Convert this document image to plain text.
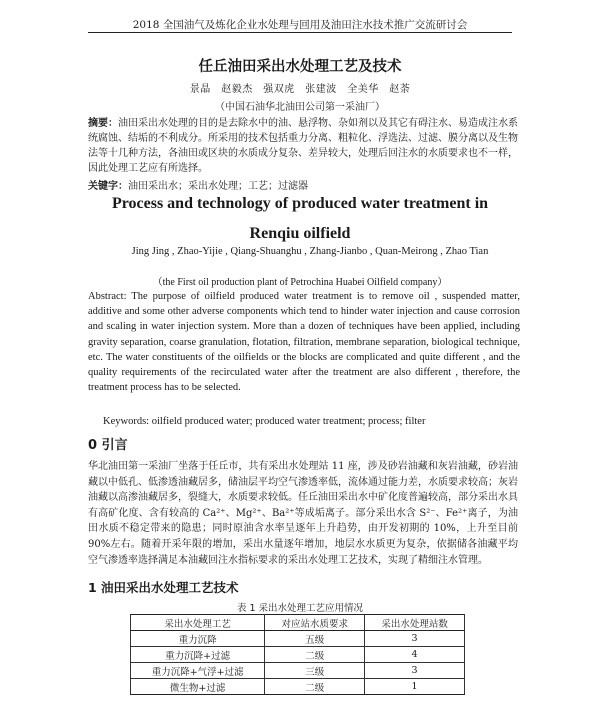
2018 全国油气及炼化企业水处理与回用及油田注水技术推广交流研讨会
任丘油田采出水处理工艺及技术
景晶　赵毅杰　强双虎　张建波　全美华　赵荼
（中国石油华北油田公司第一采油厂）
摘要：油田采出水处理的目的是去除水中的油、悬浮物、杂如剂以及其它有碍注水、易造成注水系统腐蚀、结垢的不利成分。所采用的技术包括重力分离、粗粒化、浮选法、过滤、膜分离以及生物法等十几种方法，各油田或区块的水质成分复杂、差异较大，处理后回注水的水质要求也不一样，因此处理工艺应有所选择。
关键字：油田采出水；采出水处理；工艺；过滤器
Process and technology of produced water treatment in
Renqiu oilfield
Jing Jing , Zhao-Yijie , Qiang-Shuanghu , Zhang-Jianbo , Quan-Meirong , Zhao Tian
（the First oil production plant of Petrochina Huabei Oilfield company）
Abstract: The purpose of oilfield produced water treatment is to remove oil , suspended matter, additive and some other adverse components which tend to hinder water injection and cause corrosion and scaling in water injection system. More than a dozen of techniques have been applied, including gravity separation, coarse granulation, flotation, filtration, membrane separation, biological technique, etc. The water constituents of the oilfields or the blocks are complicated and quite different , and the quality requirements of the recirculated water after the treatment are also different , therefore, the treatment process has to be selected.
Keywords: oilfield produced water; produced water treatment; process; filter
0 引言
华北油田第一采油厂坐落于任丘市，共有采出水处理站 11 座，涉及砂岩油藏和灰岩油藏，砂岩油藏以中低孔、低渗透油藏居多，储油层平均空气渗透率低，流体通过能力差，水质要求较高；灰岩油藏以高渗油藏居多，裂缝大，水质要求较低。任丘油田采出水中矿化度普遍较高，部分采出水具有高矿化度、含有较高的 Ca²⁺、Mg²⁺、Ba²⁺等成垢离子。部分采出水含 S²⁻、Fe²⁺离子，为油田水质不稳定带来的隐患；同时原油含水率呈逐年上升趋势，由开发初期的 10%，上升至目前 90%左右。随着开采年限的增加，采出水量逐年增加，地层水水质更为复杂，依据储各油藏平均空气渗透率选择满足本油藏回注水指标要求的采出水处理工艺技术，实现了精细注水管理。
1 油田采出水处理工艺技术
表 1 采出水处理工艺应用情况
采出水处理工艺	对应站水质要求	采出水处理站数
重力沉降	五级	3
重力沉降+过滤	二级	4
重力沉降+气浮+过滤	三级	3
微生物+过滤	二级	1
